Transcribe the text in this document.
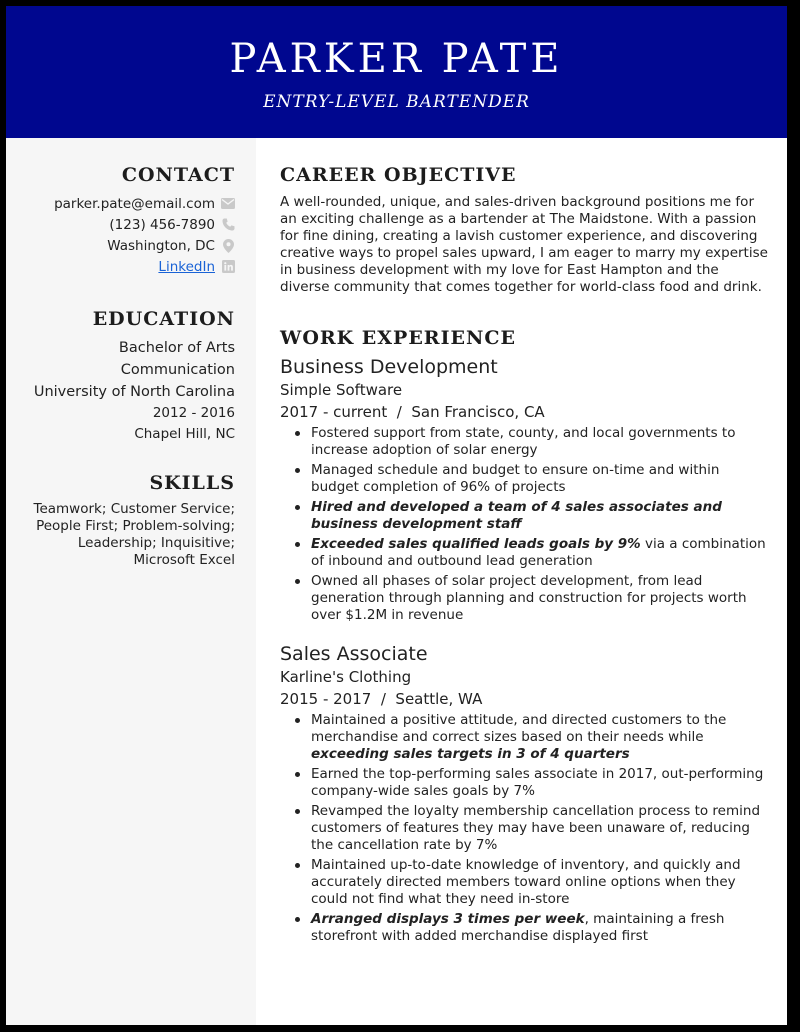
PARKER PATE
ENTRY-LEVEL BARTENDER
CONTACT
parker.pate@email.com
(123) 456-7890
Washington, DC
LinkedIn
EDUCATION
Bachelor of Arts
Communication
University of North Carolina
2012 - 2016
Chapel Hill, NC
SKILLS
Teamwork; Customer Service;
People First; Problem-solving;
Leadership; Inquisitive;
Microsoft Excel
CAREER OBJECTIVE
A well-rounded, unique, and sales-driven background positions me for an exciting challenge as a bartender at The Maidstone. With a passion for fine dining, creating a lavish customer experience, and discovering creative ways to propel sales upward, I am eager to marry my expertise in business development with my love for East Hampton and the diverse community that comes together for world-class food and drink.
WORK EXPERIENCE
Business Development
Simple Software
2017 - current  /  San Francisco, CA
Fostered support from state, county, and local governments to increase adoption of solar energy
Managed schedule and budget to ensure on-time and within budget completion of 96% of projects
Hired and developed a team of 4 sales associates and business development staff
Exceeded sales qualified leads goals by 9% via a combination of inbound and outbound lead generation
Owned all phases of solar project development, from lead generation through planning and construction for projects worth over $1.2M in revenue
Sales Associate
Karline's Clothing
2015 - 2017  /  Seattle, WA
Maintained a positive attitude, and directed customers to the merchandise and correct sizes based on their needs while exceeding sales targets in 3 of 4 quarters
Earned the top-performing sales associate in 2017, out-performing company-wide sales goals by 7%
Revamped the loyalty membership cancellation process to remind customers of features they may have been unaware of, reducing the cancellation rate by 7%
Maintained up-to-date knowledge of inventory, and quickly and accurately directed members toward online options when they could not find what they need in-store
Arranged displays 3 times per week, maintaining a fresh storefront with added merchandise displayed first
